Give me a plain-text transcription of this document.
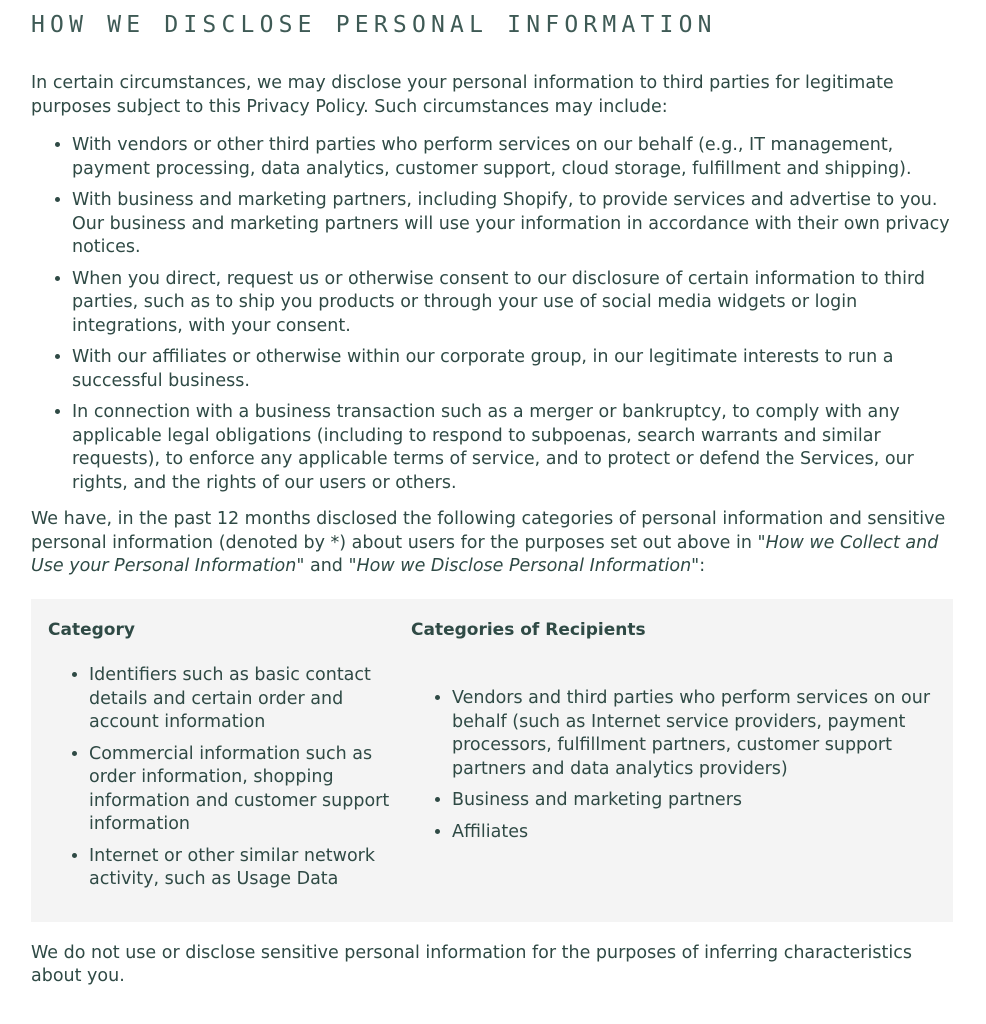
HOW WE DISCLOSE PERSONAL INFORMATION

In certain circumstances, we may disclose your personal information to third parties for legitimate purposes subject to this Privacy Policy. Such circumstances may include:

• With vendors or other third parties who perform services on our behalf (e.g., IT management, payment processing, data analytics, customer support, cloud storage, fulfillment and shipping).
• With business and marketing partners, including Shopify, to provide services and advertise to you. Our business and marketing partners will use your information in accordance with their own privacy notices.
• When you direct, request us or otherwise consent to our disclosure of certain information to third parties, such as to ship you products or through your use of social media widgets or login integrations, with your consent.
• With our affiliates or otherwise within our corporate group, in our legitimate interests to run a successful business.
• In connection with a business transaction such as a merger or bankruptcy, to comply with any applicable legal obligations (including to respond to subpoenas, search warrants and similar requests), to enforce any applicable terms of service, and to protect or defend the Services, our rights, and the rights of our users or others.

We have, in the past 12 months disclosed the following categories of personal information and sensitive personal information (denoted by *) about users for the purposes set out above in "How we Collect and Use your Personal Information" and "How we Disclose Personal Information":

Category
• Identifiers such as basic contact details and certain order and account information
• Commercial information such as order information, shopping information and customer support information
• Internet or other similar network activity, such as Usage Data
Categories of Recipients
• Vendors and third parties who perform services on our behalf (such as Internet service providers, payment processors, fulfillment partners, customer support partners and data analytics providers)
• Business and marketing partners
• Affiliates

We do not use or disclose sensitive personal information for the purposes of inferring characteristics about you.
